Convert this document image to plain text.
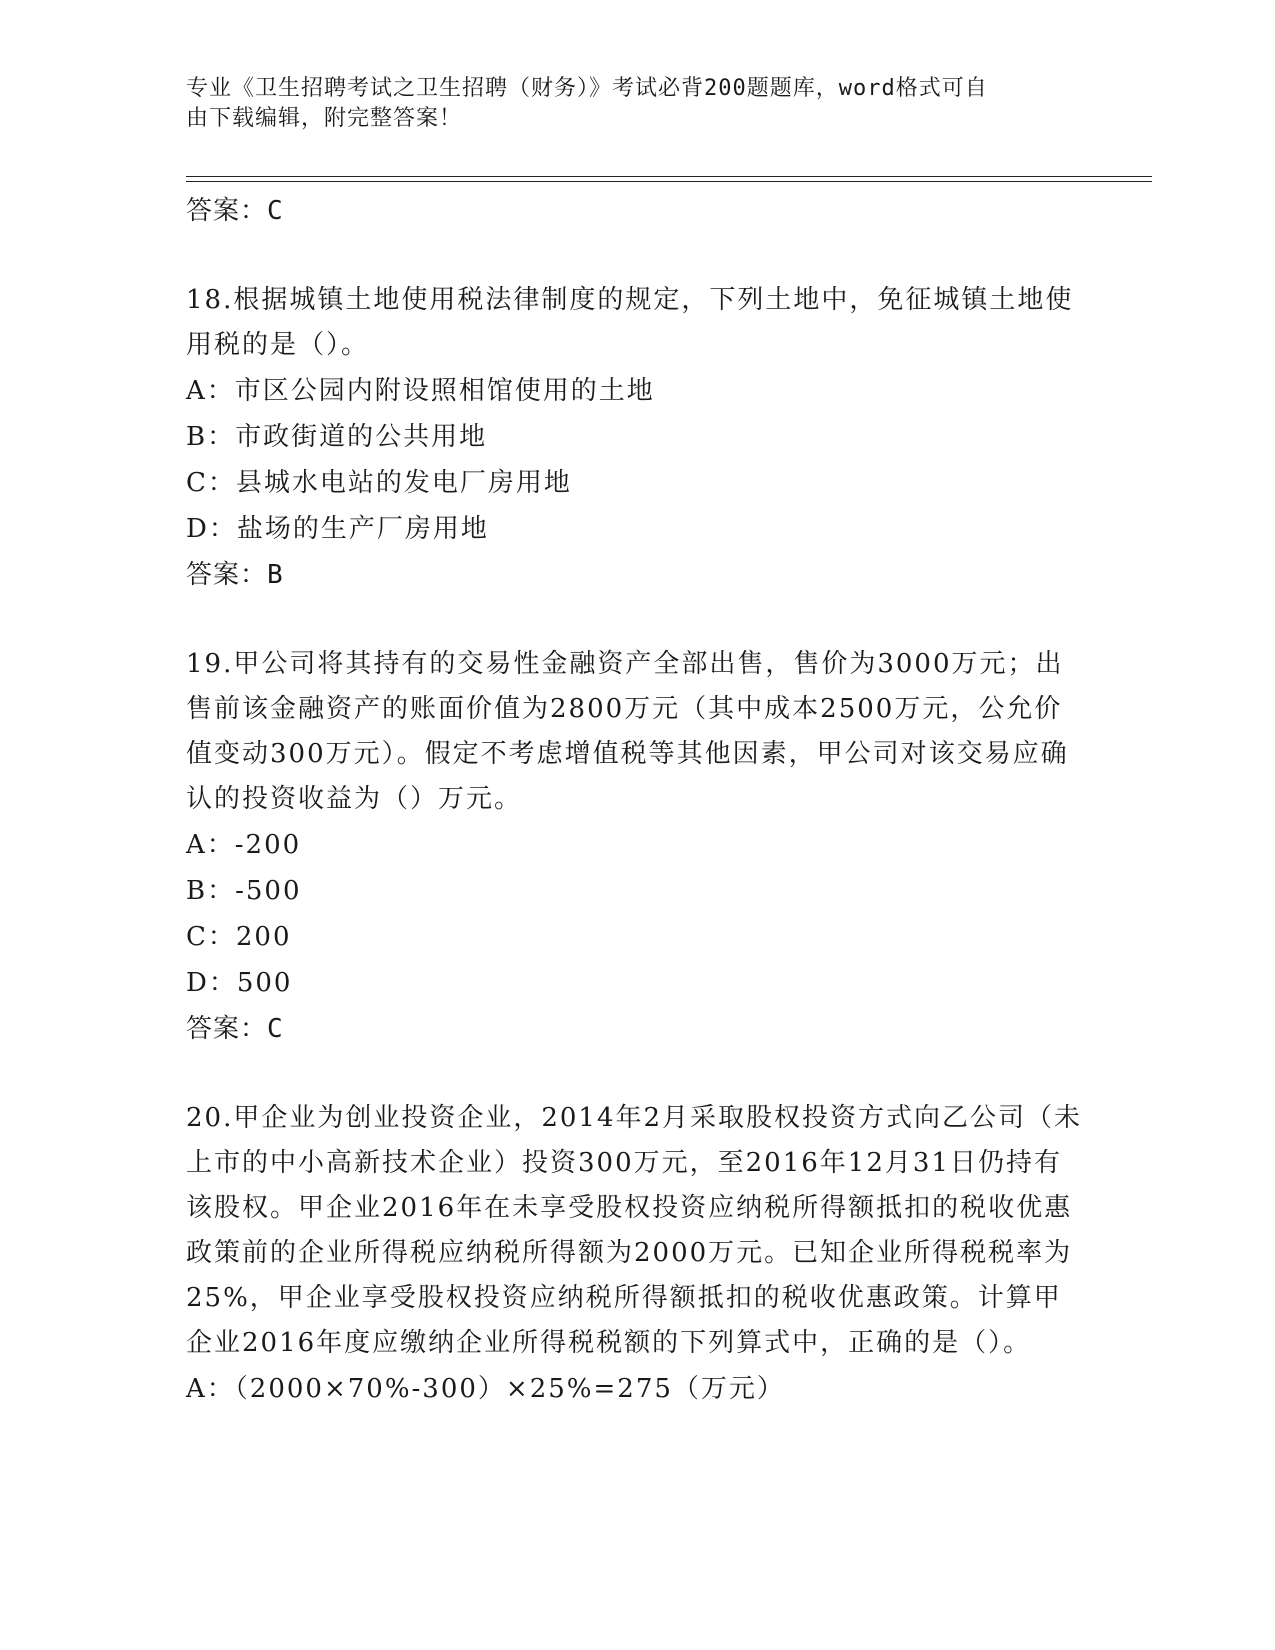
专业《卫生招聘考试之卫生招聘（财务）》考试必背200题题库，word格式可自
由下载编辑，附完整答案！
答案：C
18.根据城镇土地使用税法律制度的规定，下列土地中，免征城镇土地使用税的是（）。
A：市区公园内附设照相馆使用的土地
B：市政街道的公共用地
C：县城水电站的发电厂房用地
D：盐场的生产厂房用地
答案：B
19.甲公司将其持有的交易性金融资产全部出售，售价为3000万元；出售前该金融资产的账面价值为2800万元（其中成本2500万元，公允价值变动300万元）。假定不考虑增值税等其他因素，甲公司对该交易应确认的投资收益为（）万元。
A：-200
B：-500
C：200
D：500
答案：C
20.甲企业为创业投资企业，2014年2月采取股权投资方式向乙公司（未上市的中小高新技术企业）投资300万元，至2016年12月31日仍持有该股权。甲企业2016年在未享受股权投资应纳税所得额抵扣的税收优惠政策前的企业所得税应纳税所得额为2000万元。已知企业所得税税率为25%，甲企业享受股权投资应纳税所得额抵扣的税收优惠政策。计算甲企业2016年度应缴纳企业所得税税额的下列算式中，正确的是（）。
A：（2000×70%-300）×25%=275（万元）
